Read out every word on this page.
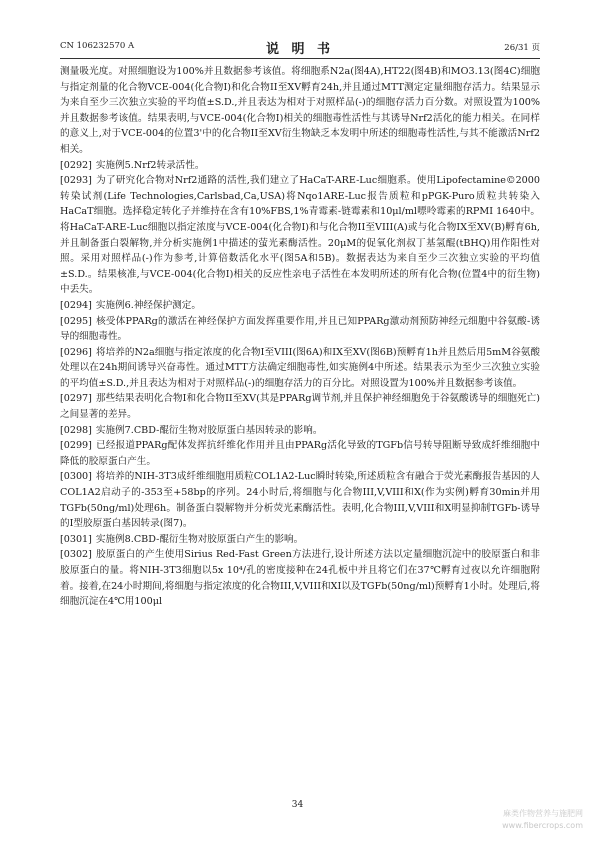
CN 106232570 A	说 明 书	26/31 页

测量吸光度。对照细胞设为100%并且数据参考该值。将细胞系N2a(图4A),HT22(图4B)和MO3.13(图4C)细胞与指定剂量的化合物VCE-004(化合物I)和化合物II至XV孵育24h,并且通过MTT测定定量细胞存活力。结果显示为来自至少三次独立实验的平均值±S.D.,并且表达为相对于对照样品(-)的细胞存活力百分数。对照设置为100%并且数据参考该值。结果表明,与VCE-004(化合物I)相关的细胞毒性活性与其诱导Nrf2活化的能力相关。在同样的意义上,对于VCE-004的位置3'中的化合物II至XV衍生物缺乏本发明中所述的细胞毒性活性,与其不能激活Nrf2相关。

[0292] 实施例5.Nrf2转录活性。

[0293] 为了研究化合物对Nrf2通路的活性,我们建立了HaCaT-ARE-Luc细胞系。使用Lipofectamine©2000转染试剂(Life Technologies,Carlsbad,Ca,USA)将Nqo1ARE-Luc报告质粒和pPGK-Puro质粒共转染入HaCaT细胞。选择稳定转化子并维持在含有10%FBS,1%青霉素-链霉素和10μl/ml嘌呤霉素的RPMI 1640中。将HaCaT-ARE-Luc细胞以指定浓度与VCE-004(化合物I)和与化合物II至VIII(A)或与化合物IX至XV(B)孵育6h,并且制备蛋白裂解物,并分析实施例1中描述的萤光素酶活性。20μM的促氧化剂叔丁基氢醌(tBHQ)用作阳性对照。采用对照样品(-)作为参考,计算倍数活化水平(图5A和5B)。数据表达为来自至少三次独立实验的平均值±S.D.。结果核准,与VCE-004(化合物I)相关的反应性亲电子活性在本发明所述的所有化合物(位置4中的衍生物)中丢失。

[0294] 实施例6.神经保护测定。

[0295] 核受体PPARg的激活在神经保护方面发挥重要作用,并且已知PPARg激动剂预防神经元细胞中谷氨酸-诱导的细胞毒性。

[0296] 将培养的N2a细胞与指定浓度的化合物I至VIII(图6A)和IX至XV(图6B)预孵育1h并且然后用5mM谷氨酸处理以在24h期间诱导兴奋毒性。通过MTT方法确定细胞毒性,如实施例4中所述。结果表示为至少三次独立实验的平均值±S.D.,并且表达为相对于对照样品(-)的细胞存活力的百分比。对照设置为100%并且数据参考该值。

[0297] 那些结果表明化合物I和化合物II至XV(其是PPARg调节剂,并且保护神经细胞免于谷氨酸诱导的细胞死亡)之间显著的差异。

[0298] 实施例7.CBD-醌衍生物对胶原蛋白基因转录的影响。

[0299] 已经报道PPARg配体发挥抗纤维化作用并且由PPARg活化导致的TGFb信号转导阻断导致成纤维细胞中降低的胶原蛋白产生。

[0300] 将培养的NIH-3T3成纤维细胞用质粒COL1A2-Luc瞬时转染,所述质粒含有融合于荧光素酶报告基因的人COL1A2启动子的-353至+58bp的序列。24小时后,将细胞与化合物III,V,VIII和X(作为实例)孵育30min并用TGFb(50ng/ml)处理6h。制备蛋白裂解物并分析荧光素酶活性。表明,化合物III,V,VIII和X明显抑制TGFb-诱导的I型胶原蛋白基因转录(图7)。

[0301] 实施例8.CBD-醌衍生物对胶原蛋白产生的影响。

[0302] 胶原蛋白的产生使用Sirius Red-Fast Green方法进行,设计所述方法以定量细胞沉淀中的胶原蛋白和非胶原蛋白的量。将NIH-3T3细胞以5x 10⁴/孔的密度接种在24孔板中并且将它们在37℃孵育过夜以允许细胞附着。接着,在24小时期间,将细胞与指定浓度的化合物III,V,VIII和XI以及TGFb(50ng/ml)预孵育1小时。处理后,将细胞沉淀在4℃用100μl

34
麻类作物营养与施肥网
www.fibercrops.com
